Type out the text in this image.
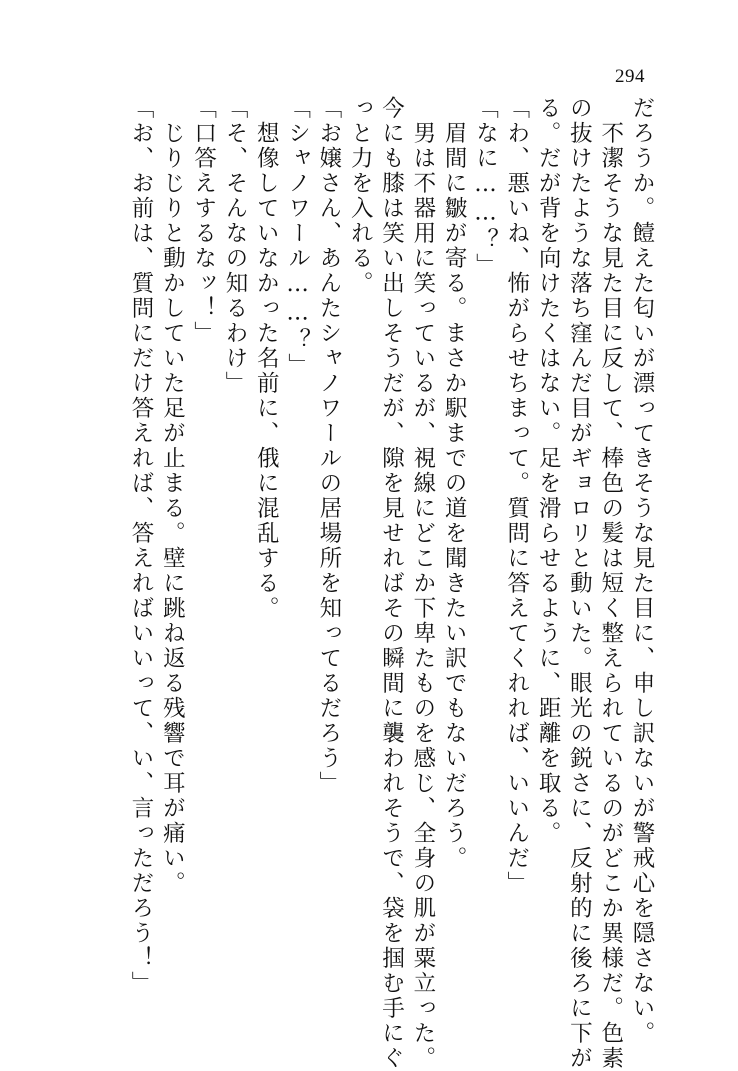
294
だろうか。饐えた匂いが漂ってきそうな見た目に、申し訳ないが警戒心を隠さない。
　不潔そうな見た目に反して、棒色の髪は短く整えられているのがどこか異様だ。色素
の抜けたような落ち窪んだ目がギョロリと動いた。眼光の鋭さに、反射的に後ろに下が
る。だが背を向けたくはない。足を滑らせるように、距離を取る。
「わ、悪いね、怖がらせちまって。質問に答えてくれれば、いいんだ」
「なに……？」
　眉間に皺が寄る。まさか駅までの道を聞きたい訳でもないだろう。
　男は不器用に笑っているが、視線にどこか下卑たものを感じ、全身の肌が粟立った。
今にも膝は笑い出しそうだが、隙を見せればその瞬間に襲われそうで、袋を掴む手にぐ
っと力を入れる。
「お嬢さん、あんたシャノワールの居場所を知ってるだろう」
「シャノワール……？」
　想像していなかった名前に、俄に混乱する。
「そ、そんなの知るわけ」
「口答えするなッ！」
　じりじりと動かしていた足が止まる。壁に跳ね返る残響で耳が痛い。
「お、お前は、質問にだけ答えれば、答えればいいって、い、言っただろう！」
